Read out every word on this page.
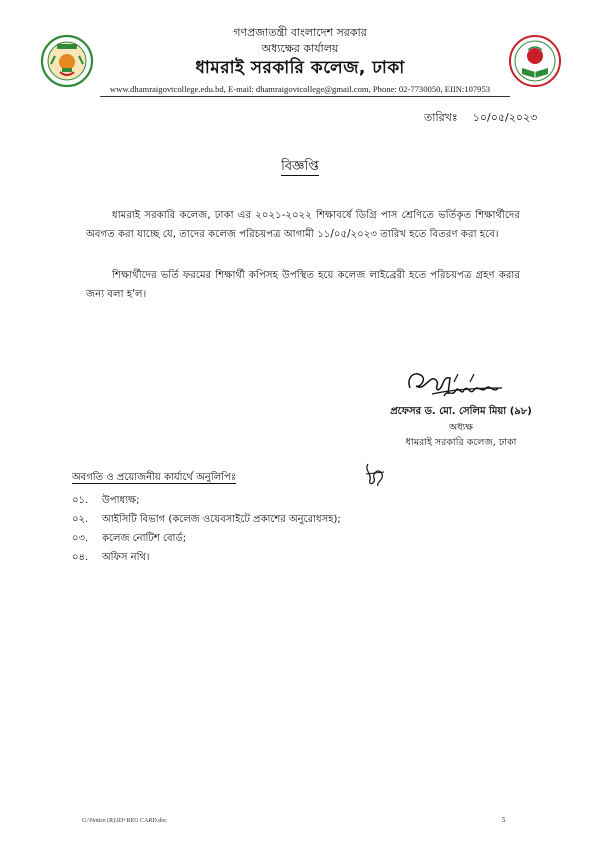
গণপ্রজাতন্ত্রী বাংলাদেশ সরকার
অধ্যক্ষের কার্যালয়
ধামরাই সরকারি কলেজ, ঢাকা
www.dhamraigovtcollege.edu.bd, E-mail: dhamraigovtcollege@gmail.com, Phone: 02-7730050, EIIN:107953
তারিখঃ ১০/০৫/২০২৩
বিজ্ঞপ্তি
ধামরাই সরকারি কলেজ, ঢাকা এর ২০২১-২০২২ শিক্ষাবর্ষে ডিগ্রি পাস শ্রেণিতে ভর্তিকৃত শিক্ষার্থীদের অবগত করা যাচ্ছে যে, তাদের কলেজ পরিচয়পত্র আগামী ১১/০৫/২০২৩ তারিখ হতে বিতরণ করা হবে।
শিক্ষার্থীদের ভর্তি ফরমের শিক্ষার্থী কপিসহ উপস্থিত হয়ে কলেজ লাইব্রেরী হতে পরিচয়পত্র গ্রহণ করার জন্য বলা হ'ল।
প্রফেসর ড. মো. সেলিম মিয়া (৯৮)
অধ্যক্ষ
ধামরাই সরকারি কলেজ, ঢাকা
অবগতি ও প্রয়োজনীয় কার্যার্থে অনুলিপিঃ
০১. উপাধ্যক্ষ;
০২. আইসিটি বিভাগ (কলেজ ওয়েবসাইটে প্রকাশের অনুরোধসহ);
০৩. কলেজ নোটিশ বোর্ড;
০৪. অফিস নথি।
G:\Notice (R)\ID+REG CARD.doc	5
